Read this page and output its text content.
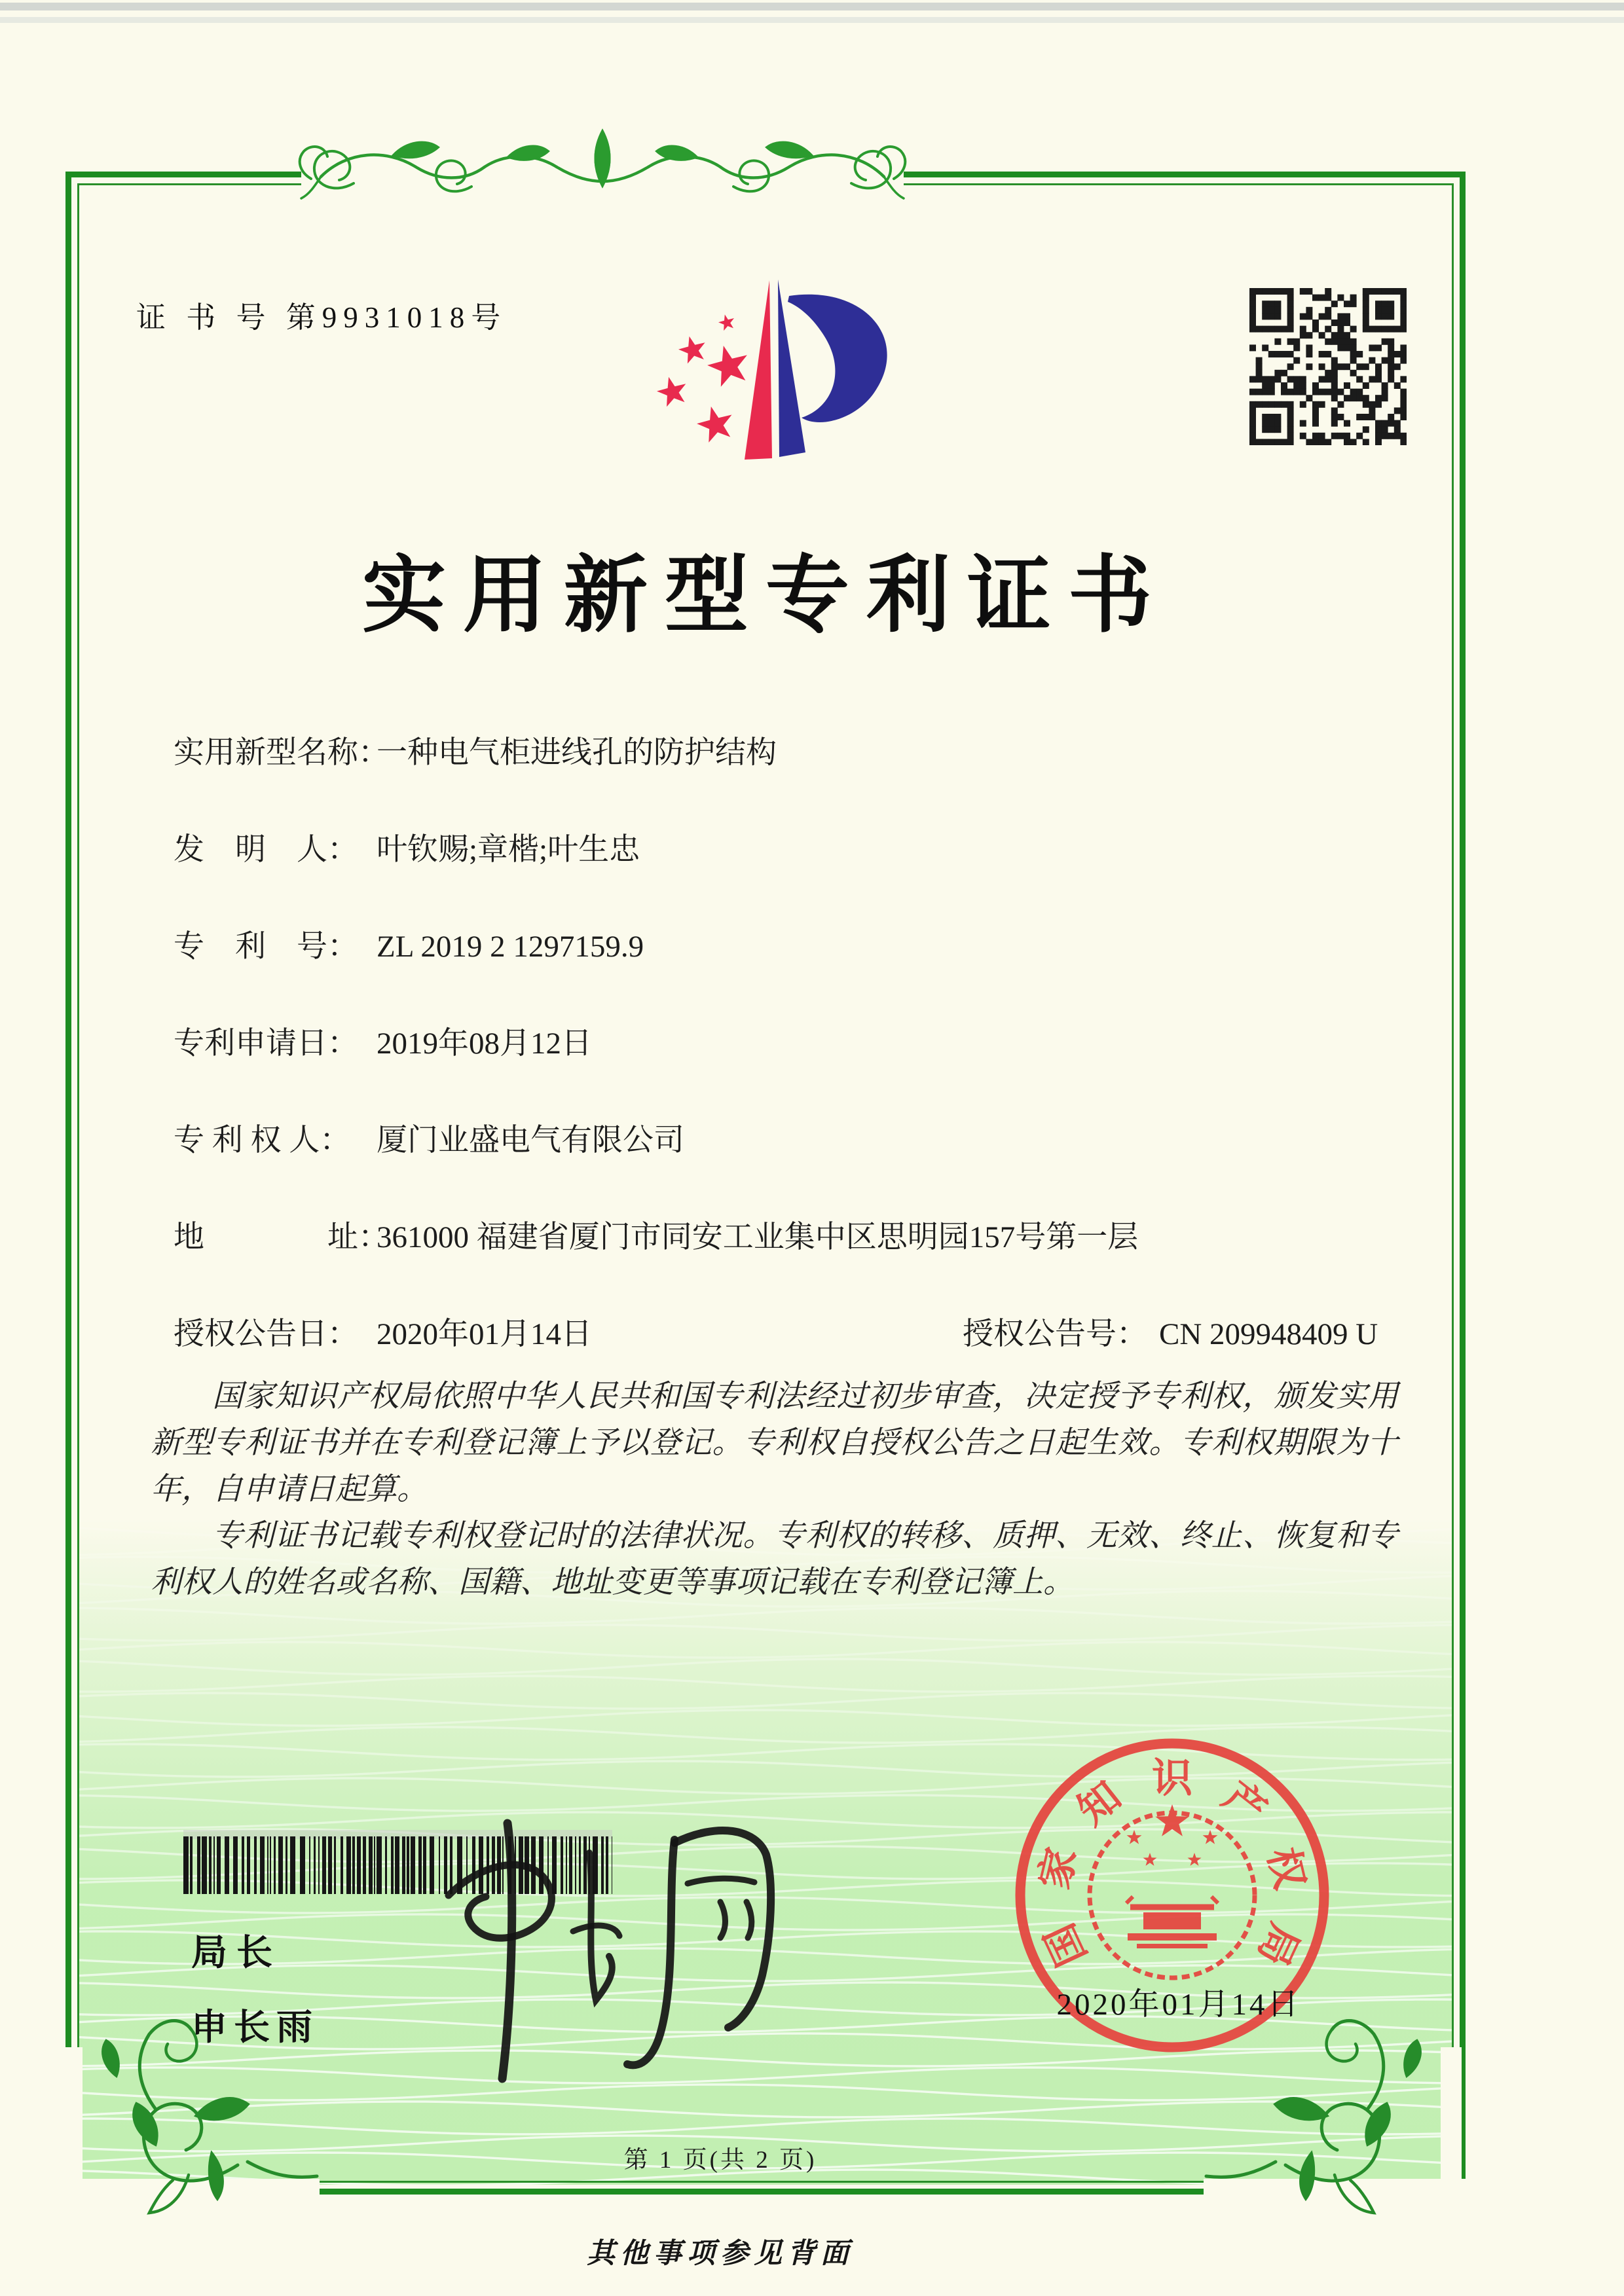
证 书 号 第9931018号
实用新型专利证书
实用新型名称：一种电气柜进线孔的防护结构
发　明　人： 叶钦赐;章楷;叶生忠
专　利　号： ZL 2019 2 1297159.9
专利申请日： 2019年08月12日
专 利 权 人： 厦门业盛电气有限公司
地　　　　址：361000 福建省厦门市同安工业集中区思明园157号第一层
授权公告日： 2020年01月14日	授权公告号： CN 209948409 U

国家知识产权局依照中华人民共和国专利法经过初步审查，决定授予专利权，颁发实用新型专利证书并在专利登记簿上予以登记。专利权自授权公告之日起生效。专利权期限为十年，自申请日起算。

专利证书记载专利权登记时的法律状况。专利权的转移、质押、无效、终止、恢复和专利权人的姓名或名称、国籍、地址变更等事项记载在专利登记簿上。

局长
申长雨
国
家
知 识 产
权
局
2020年01月14日
第 1 页(共 2 页)
其他事项参见背面
